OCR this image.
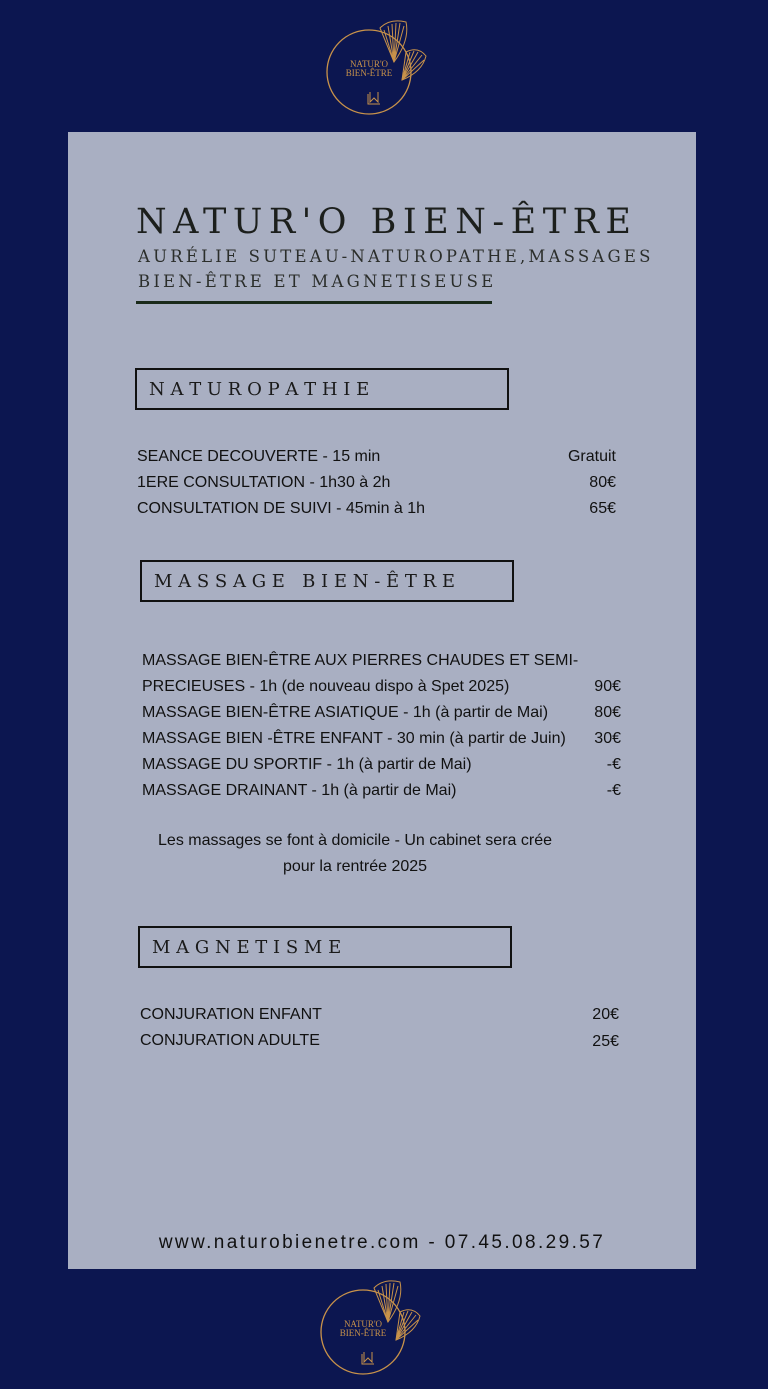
NATUR'O
BIEN-ÊTRE
NATUR'O BIEN-ÊTRE
AURÉLIE SUTEAU-NATUROPATHE,MASSAGES
BIEN-ÊTRE ET MAGNETISEUSE
N A T U R O P A T H I E
SEANCE DECOUVERTE - 15 min	Gratuit
1ERE CONSULTATION - 1h30 à 2h	80€
CONSULTATION DE SUIVI - 45min à 1h	65€
M A S S A G E   B I E N - Ê T R E
MASSAGE BIEN-ÊTRE AUX PIERRES CHAUDES ET SEMI-
PRECIEUSES - 1h (de nouveau dispo à Spet 2025)	90€
MASSAGE BIEN-ÊTRE ASIATIQUE - 1h (à partir de Mai)	80€
MASSAGE BIEN -ÊTRE ENFANT - 30 min (à partir de Juin) 30€
MASSAGE DU SPORTIF - 1h (à partir de Mai)	-€
MASSAGE DRAINANT - 1h (à partir de Mai)	-€
Les massages se font à domicile - Un cabinet sera crée
pour la rentrée 2025
M A G N E T I S M E
CONJURATION ENFANT	20€
CONJURATION ADULTE	25€
www.naturobienetre.com - 07.45.08.29.57
NATUR'O
BIEN-ÊTRE
